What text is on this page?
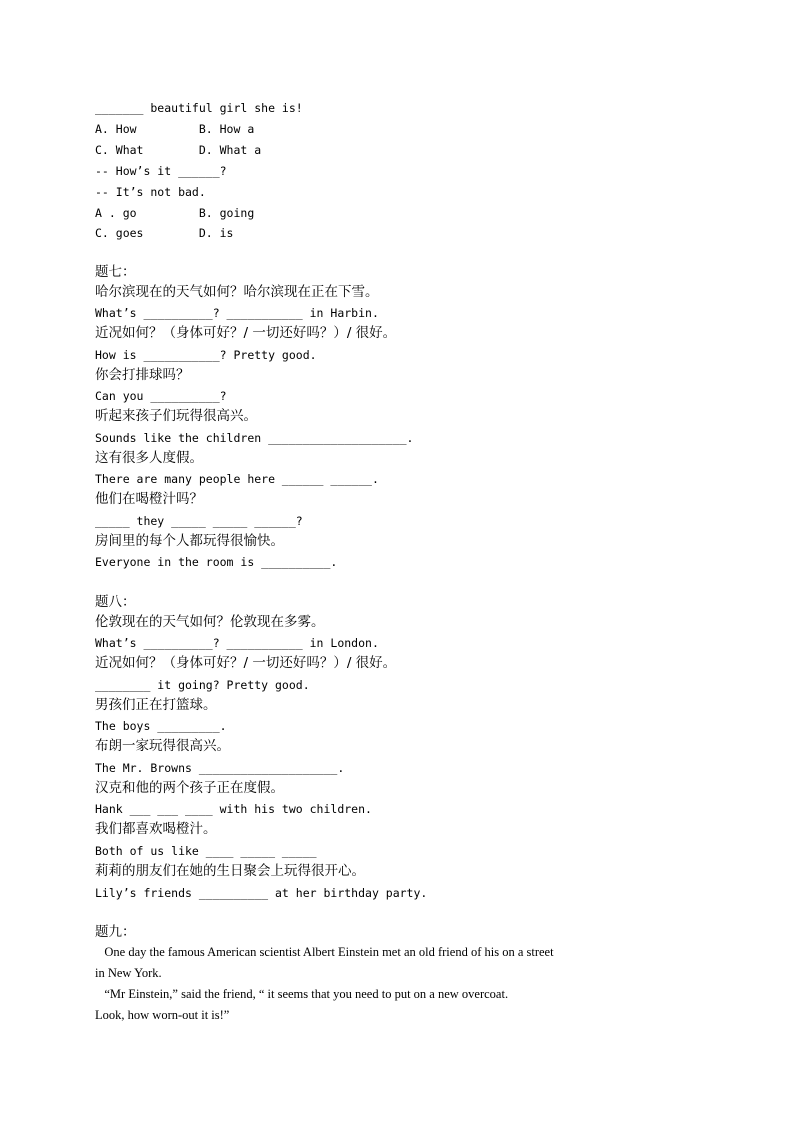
_______ beautiful girl she is!
A. How         B. How a
C. What        D. What a
-- How’s it ______?
-- It’s not bad.
A . go         B. going
C. goes        D. is
题七：
哈尔滨现在的天气如何？哈尔滨现在正在下雪。
What’s __________? ___________ in Harbin.
近况如何？（身体可好？/ 一切还好吗？）/ 很好。
How is ___________? Pretty good.
你会打排球吗？
Can you __________?
听起来孩子们玩得很高兴。
Sounds like the children ____________________.
这有很多人度假。
There are many people here ______ ______.
他们在喝橙汁吗？
_____ they _____ _____ ______?
房间里的每个人都玩得很愉快。
Everyone in the room is __________.
题八：
伦敦现在的天气如何？伦敦现在多雾。
What’s __________? ___________ in London.
近况如何？（身体可好？/ 一切还好吗？）/ 很好。
________ it going? Pretty good.
男孩们正在打篮球。
The boys _________.
布朗一家玩得很高兴。
The Mr. Browns ____________________.
汉克和他的两个孩子正在度假。
Hank ___ ___ ____ with his two children.
我们都喜欢喝橙汁。
Both of us like ____ _____ _____
莉莉的朋友们在她的生日聚会上玩得很开心。
Lily’s friends __________ at her birthday party.
题九：
One day the famous American scientist Albert Einstein met an old friend of his on a street
in New York.
“Mr Einstein,” said the friend, “ it seems that you need to put on a new overcoat.
Look, how worn-out it is!”
